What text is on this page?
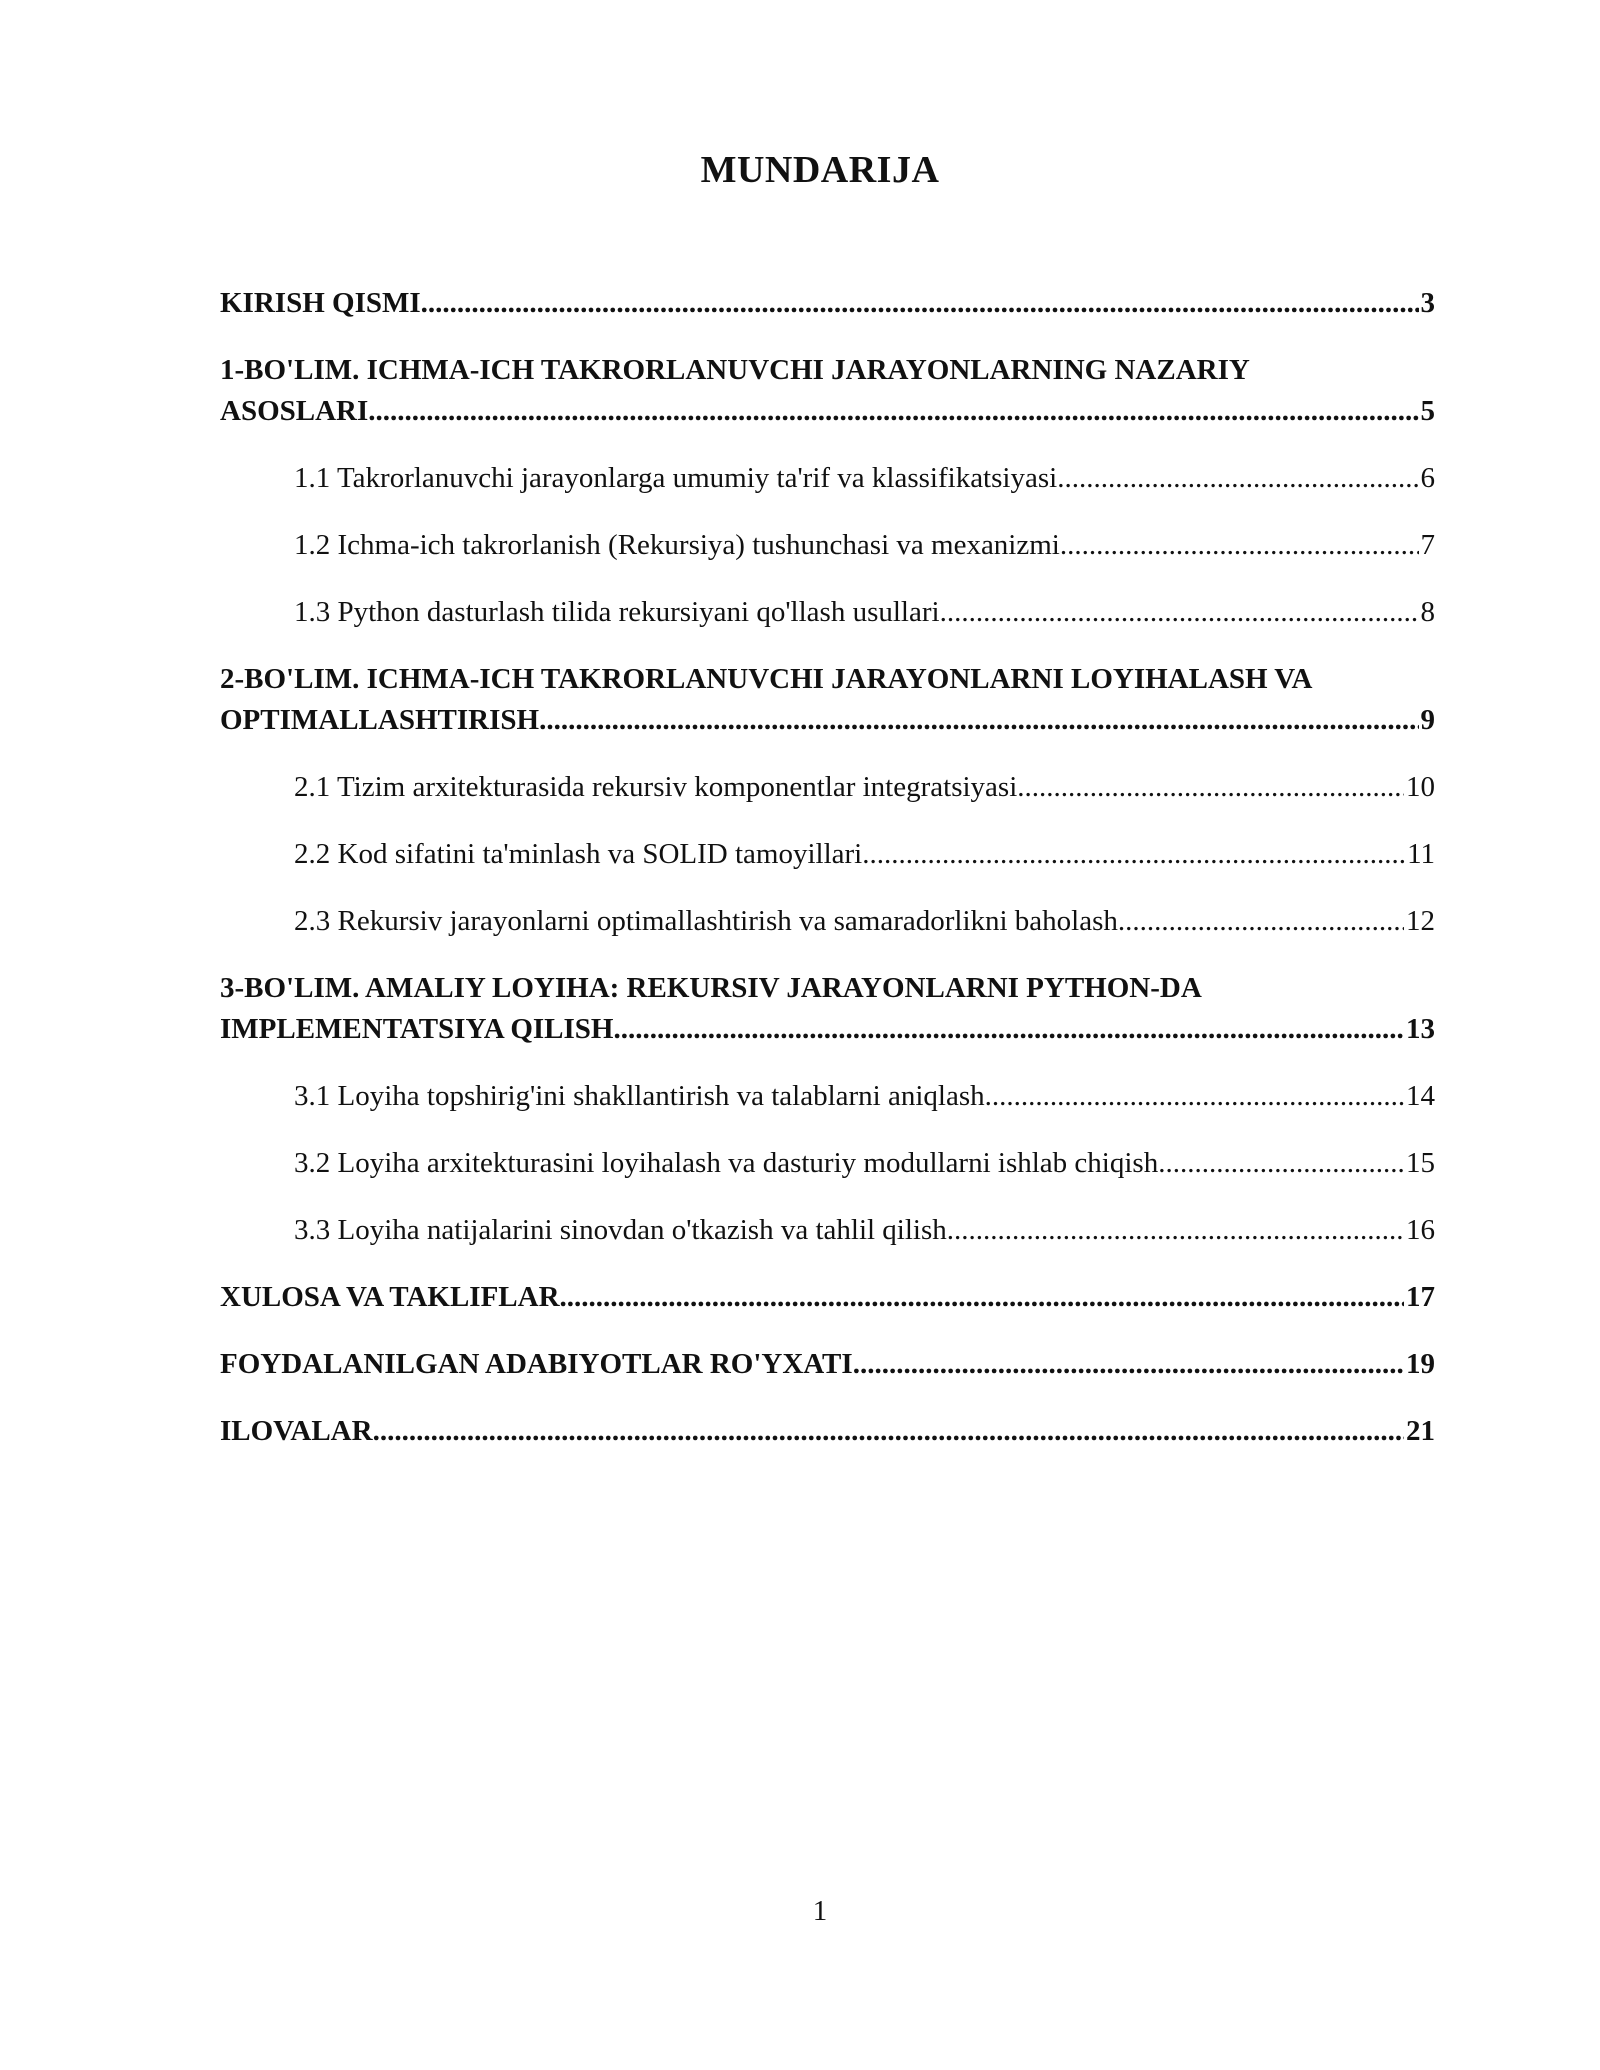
MUNDARIJA
KIRISH QISMI .....	3
1-BO'LIM. ICHMA-ICH TAKRORLANUVCHI JARAYONLARNING NAZARIY
ASOSLARI .....	5
1.1 Takrorlanuvchi jarayonlarga umumiy ta'rif va klassifikatsiyasi .....	6
1.2 Ichma-ich takrorlanish (Rekursiya) tushunchasi va mexanizmi .....	7
1.3 Python dasturlash tilida rekursiyani qo'llash usullari .....	8
2-BO'LIM. ICHMA-ICH TAKRORLANUVCHI JARAYONLARNI LOYIHALASH VA
OPTIMALLASHTIRISH .....	9
2.1 Tizim arxitekturasida rekursiv komponentlar integratsiyasi .....	10
2.2 Kod sifatini ta'minlash va SOLID tamoyillari .....	11
2.3 Rekursiv jarayonlarni optimallashtirish va samaradorlikni baholash .....	12
3-BO'LIM. AMALIY LOYIHA: REKURSIV JARAYONLARNI PYTHON-DA
IMPLEMENTATSIYA QILISH .....	13
3.1 Loyiha topshirig'ini shakllantirish va talablarni aniqlash .....	14
3.2 Loyiha arxitekturasini loyihalash va dasturiy modullarni ishlab chiqish .....	15
3.3 Loyiha natijalarini sinovdan o'tkazish va tahlil qilish .....	16
XULOSA VA TAKLIFLAR .....	17
FOYDALANILGAN ADABIYOTLAR RO'YXATI .....	19
ILOVALAR .....	21
1
